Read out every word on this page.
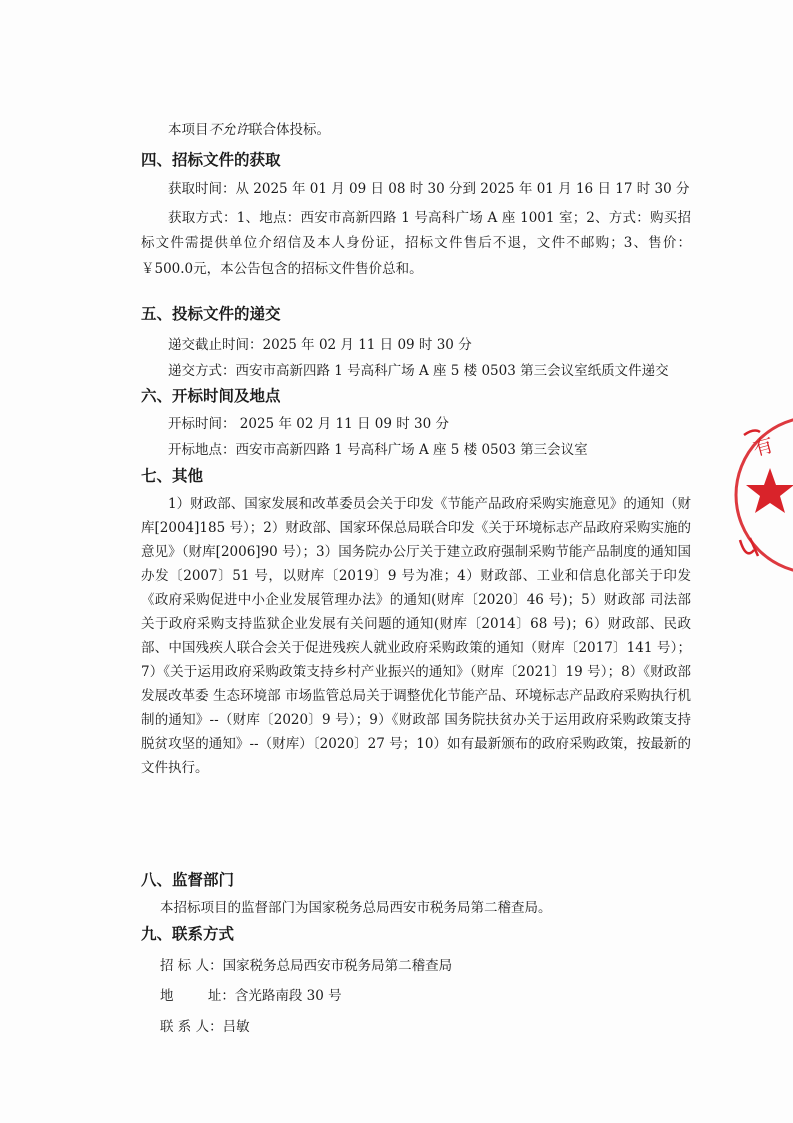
本项目不允许联合体投标。
四、招标文件的获取
获取时间：从 2025 年 01 月 09 日 08 时 30 分到 2025 年 01 月 16 日 17 时 30 分
获取方式：1、地点：西安市高新四路 1 号高科广场 A 座 1001 室；2、方式：购买招标文件需提供单位介绍信及本人身份证，招标文件售后不退，文件不邮购；3、售价：￥500.0元，本公告包含的招标文件售价总和。
五、投标文件的递交
递交截止时间：2025 年 02 月 11 日 09 时 30 分
递交方式：西安市高新四路 1 号高科广场 A 座 5 楼 0503 第三会议室纸质文件递交
六、开标时间及地点
开标时间： 2025 年 02 月 11 日 09 时 30 分
开标地点：西安市高新四路 1 号高科广场 A 座 5 楼 0503 第三会议室
七、其他
1）财政部、国家发展和改革委员会关于印发《节能产品政府采购实施意见》的通知（财库[2004]185 号）；2）财政部、国家环保总局联合印发《关于环境标志产品政府采购实施的意见》（财库[2006]90 号）；3）国务院办公厅关于建立政府强制采购节能产品制度的通知国办发〔2007〕51 号，以财库〔2019〕9 号为准；4）财政部、工业和信息化部关于印发《政府采购促进中小企业发展管理办法》的通知(财库〔2020〕46 号)；5）财政部 司法部关于政府采购支持监狱企业发展有关问题的通知(财库〔2014〕68 号)；6）财政部、民政部、中国残疾人联合会关于促进残疾人就业政府采购政策的通知（财库〔2017〕141 号）；7）《关于运用政府采购政策支持乡村产业振兴的通知》（财库〔2021〕19 号）；8）《财政部 发展改革委 生态环境部 市场监管总局关于调整优化节能产品、环境标志产品政府采购执行机制的通知》--（财库〔2020〕9 号）；9）《财政部 国务院扶贫办关于运用政府采购政策支持脱贫攻坚的通知》--（财库）〔2020〕27 号；10）如有最新颁布的政府采购政策，按最新的文件执行。
八、监督部门
本招标项目的监督部门为国家税务总局西安市税务局第二稽查局。
九、联系方式
招 标 人：国家税务总局西安市税务局第二稽查局
地        址：含光路南段 30 号
联 系 人：吕敏
有
